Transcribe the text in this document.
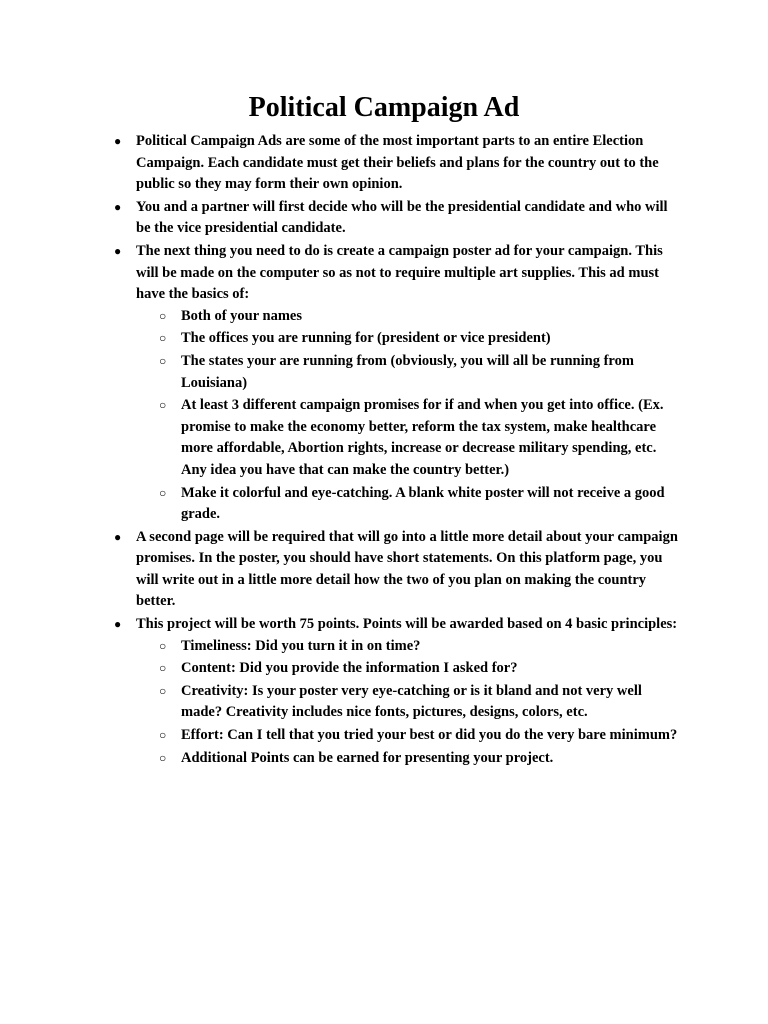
Political Campaign Ad
● Political Campaign Ads are some of the most important parts to an entire Election Campaign. Each candidate must get their beliefs and plans for the country out to the public so they may form their own opinion.
● You and a partner will first decide who will be the presidential candidate and who will be the vice presidential candidate.
● The next thing you need to do is create a campaign poster ad for your campaign. This will be made on the computer so as not to require multiple art supplies. This ad must have the basics of:
○ Both of your names
○ The offices you are running for (president or vice president)
○ The states your are running from (obviously, you will all be running from Louisiana)
○ At least 3 different campaign promises for if and when you get into office. (Ex. promise to make the economy better, reform the tax system, make healthcare more affordable, Abortion rights, increase or decrease military spending, etc. Any idea you have that can make the country better.)
○ Make it colorful and eye-catching. A blank white poster will not receive a good grade.
● A second page will be required that will go into a little more detail about your campaign promises. In the poster, you should have short statements. On this platform page, you will write out in a little more detail how the two of you plan on making the country better.
● This project will be worth 75 points. Points will be awarded based on 4 basic principles:
○ Timeliness: Did you turn it in on time?
○ Content: Did you provide the information I asked for?
○ Creativity: Is your poster very eye-catching or is it bland and not very well made? Creativity includes nice fonts, pictures, designs, colors, etc.
○ Effort: Can I tell that you tried your best or did you do the very bare minimum?
○ Additional Points can be earned for presenting your project.
